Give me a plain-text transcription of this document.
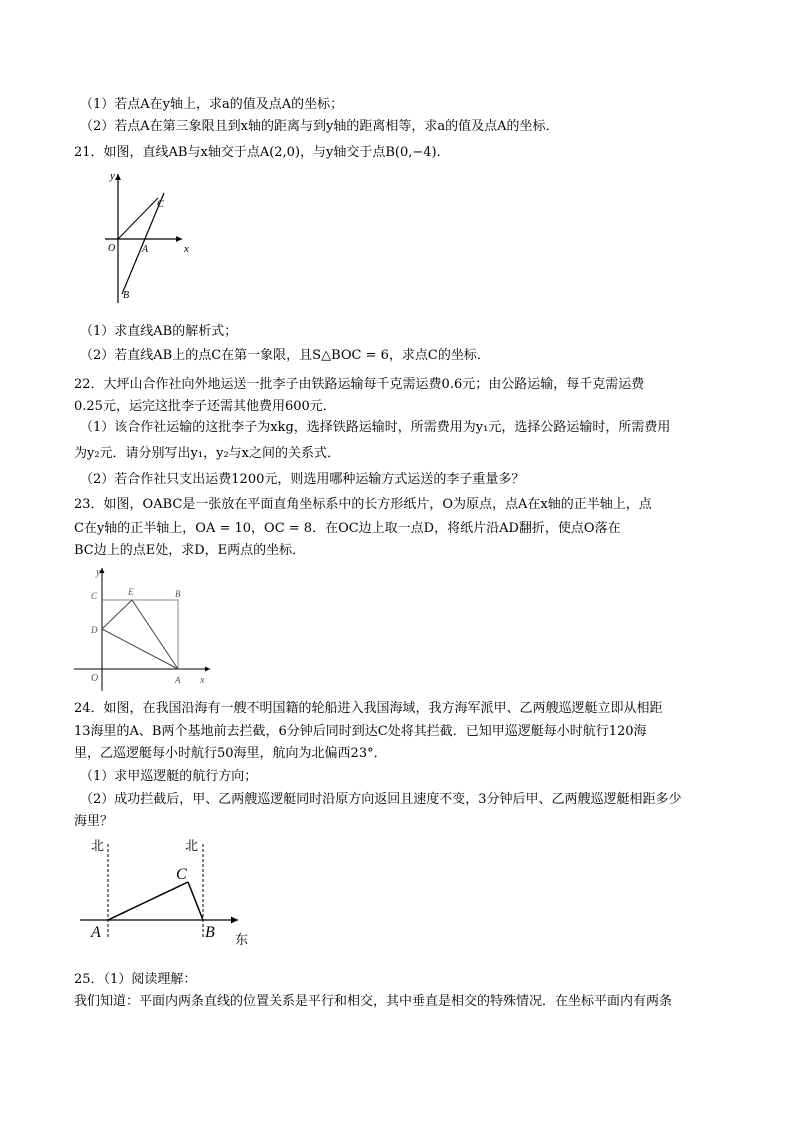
（1）若点A在y轴上，求a的值及点A的坐标；
（2）若点A在第三象限且到x轴的距离与到y轴的距离相等，求a的值及点A的坐标．
21．如图，直线AB与x轴交于点A(2,0)，与y轴交于点B(0,−4)．
y
x
O	A
B
C
（1）求直线AB的解析式；
（2）若直线AB上的点C在第一象限，且S△BOC = 6，求点C的坐标．
22．大坪山合作社向外地运送一批李子由铁路运输每千克需运费0.6元；由公路运输，每千克需运费
0.25元，运完这批李子还需其他费用600元．
（1）该合作社运输的这批李子为xkg，选择铁路运输时，所需费用为y₁元，选择公路运输时，所需费用
为y₂元．请分别写出y₁，y₂与x之间的关系式．
（2）若合作社只支出运费1200元，则选用哪种运输方式运送的李子重量多？
23．如图，OABC是一张放在平面直角坐标系中的长方形纸片，O为原点，点A在x轴的正半轴上，点
C在y轴的正半轴上，OA = 10，OC = 8．在OC边上取一点D，将纸片沿AD翻折，使点O落在
BC边上的点E处，求D，E两点的坐标．
y
x
O	A
B
C
D
E
24．如图，在我国沿海有一艘不明国籍的轮船进入我国海域，我方海军派甲、乙两艘巡逻艇立即从相距
13海里的A、B两个基地前去拦截，6分钟后同时到达C处将其拦截．已知甲巡逻艇每小时航行120海
里，乙巡逻艇每小时航行50海里，航向为北偏西23°．
（1）求甲巡逻艇的航行方向；
（2）成功拦截后，甲、乙两艘巡逻艇同时沿原方向返回且速度不变，3分钟后甲、乙两艘巡逻艇相距多少
海里？
北	北
东
A	B
C
25．（1）阅读理解：
我们知道：平面内两条直线的位置关系是平行和相交，其中垂直是相交的特殊情况．在坐标平面内有两条
